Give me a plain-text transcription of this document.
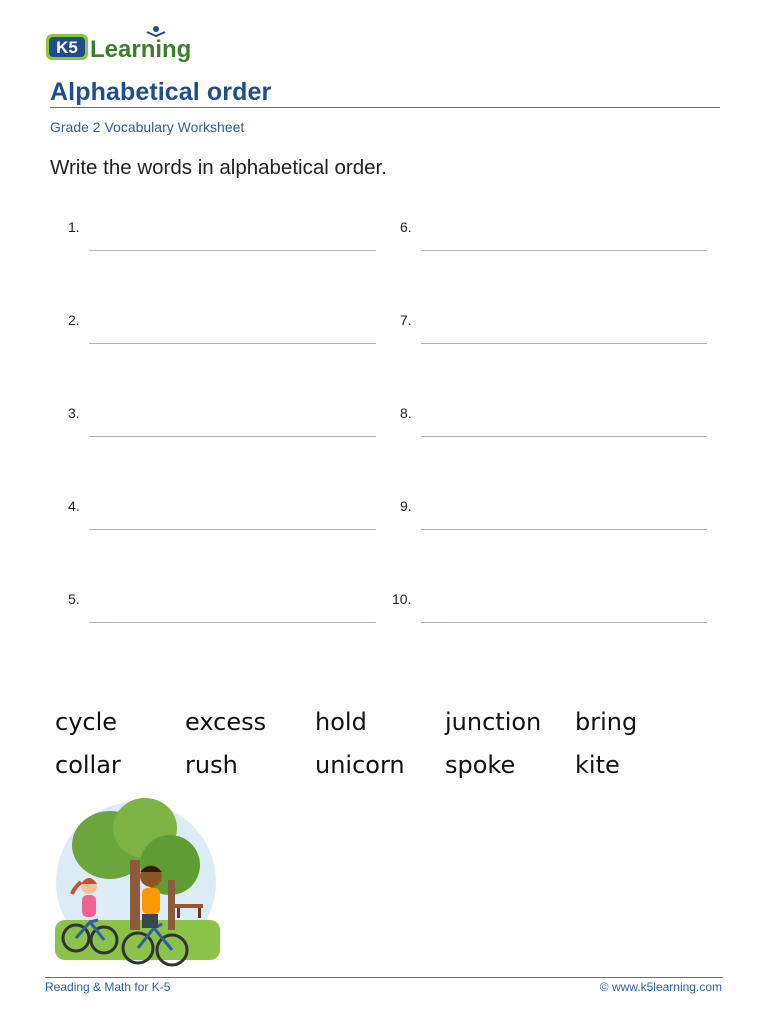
K5 Learning
Alphabetical order
Grade 2 Vocabulary Worksheet
Write the words in alphabetical order.
1.
2.
3.
4.
5.
6.
7.
8.
9.
10.
cycle	excess hold	junction bring
collar	rush	unicorn spoke kite
Reading & Math for K-5	© www.k5learning.com
